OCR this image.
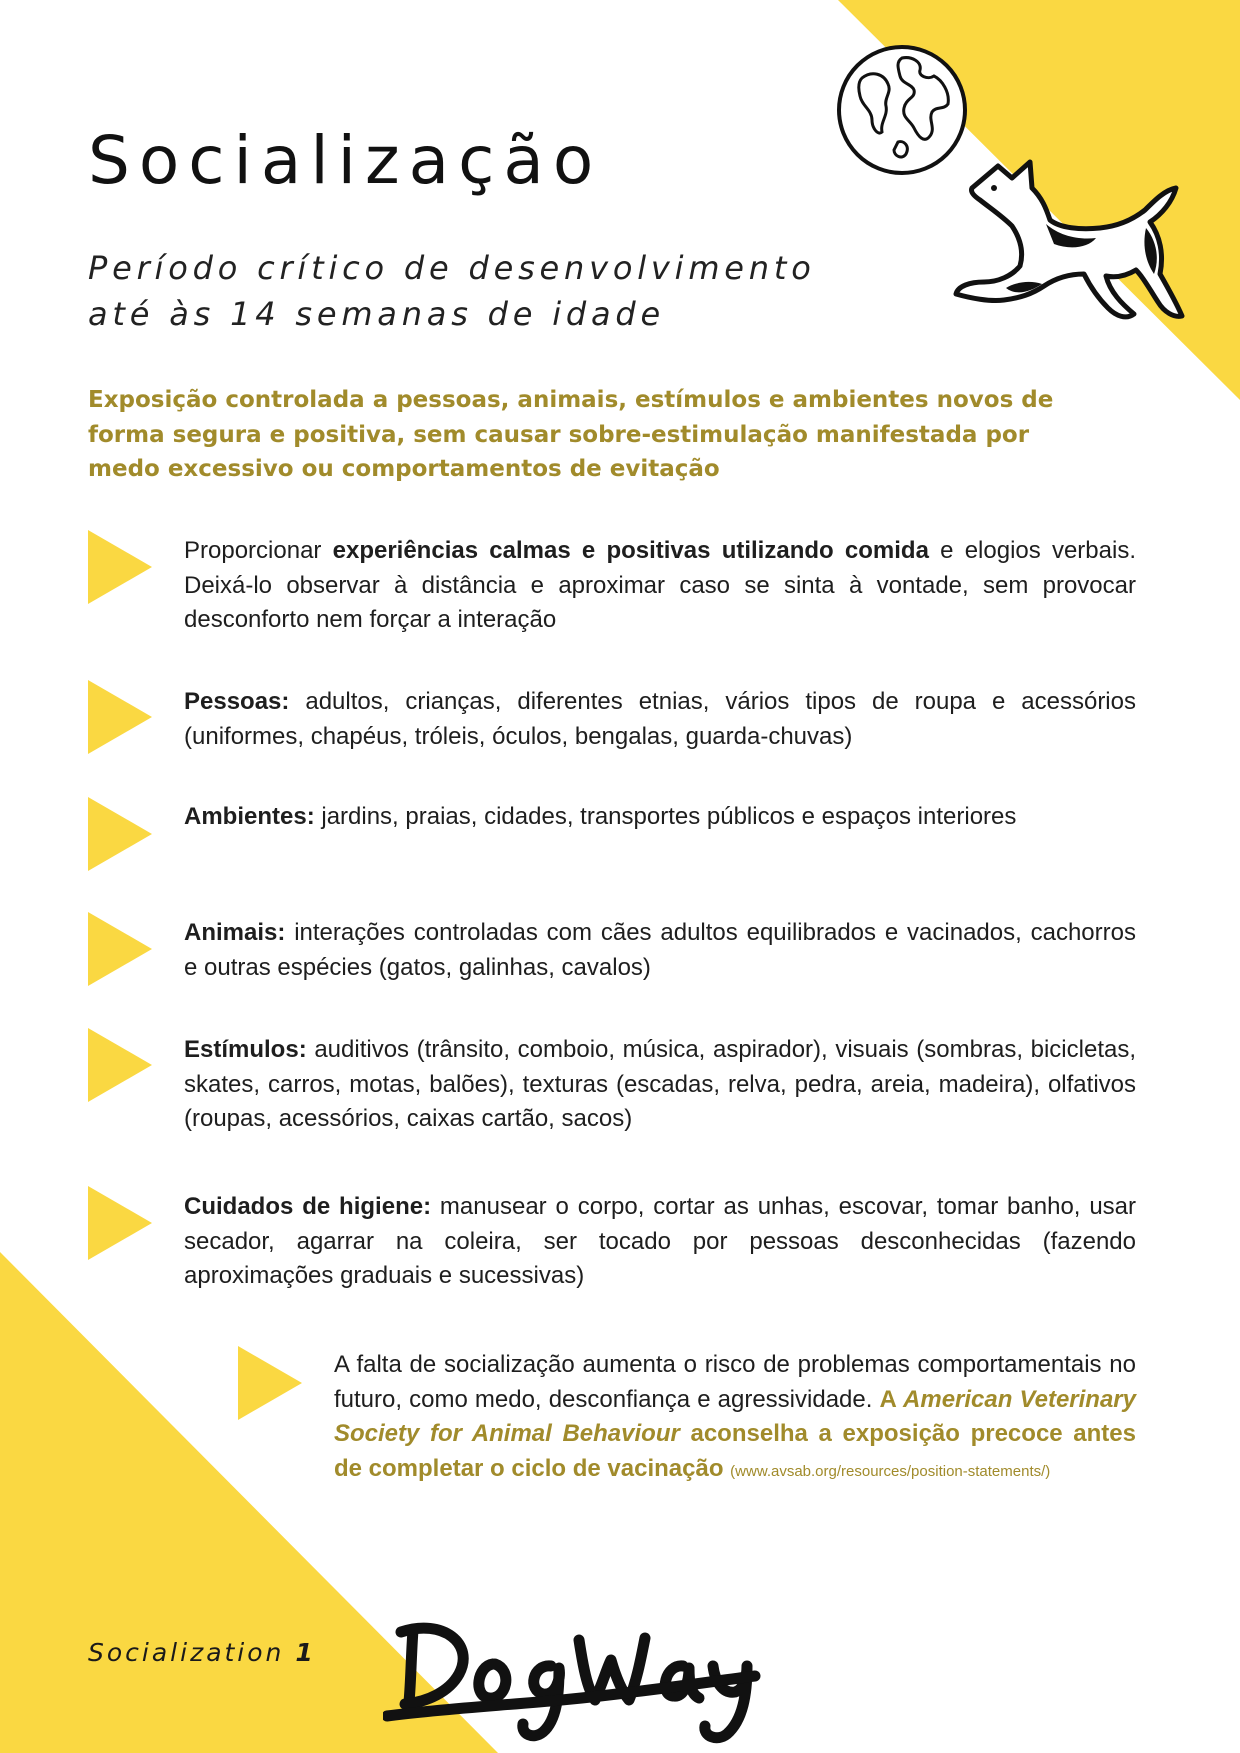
Socialização
Período crítico de desenvolvimento
até às 14 semanas de idade
Exposição controlada a pessoas, animais, estímulos e ambientes novos de
forma segura e positiva, sem causar sobre-estimulação manifestada por
medo excessivo ou comportamentos de evitação
Proporcionar experiências calmas e positivas utilizando comida e elogios verbais. Deixá-lo observar à distância e aproximar caso se sinta à vontade, sem provocar desconforto nem forçar a interação
Pessoas: adultos, crianças, diferentes etnias, vários tipos de roupa e acessórios (uniformes, chapéus, tróleis, óculos, bengalas, guarda-chuvas)
Ambientes: jardins, praias, cidades, transportes públicos e espaços interiores
Animais: interações controladas com cães adultos equilibrados e vacinados, cachorros e outras espécies (gatos, galinhas, cavalos)
Estímulos: auditivos (trânsito, comboio, música, aspirador), visuais (sombras, bicicletas, skates, carros, motas, balões), texturas (escadas, relva, pedra, areia, madeira), olfativos (roupas, acessórios, caixas cartão, sacos)
Cuidados de higiene: manusear o corpo, cortar as unhas, escovar, tomar banho, usar secador, agarrar na coleira, ser tocado por pessoas desconhecidas (fazendo aproximações graduais e sucessivas)
A falta de socialização aumenta o risco de problemas comportamentais no futuro, como medo, desconfiança e agressividade. A American Veterinary Society for Animal Behaviour aconselha a exposição precoce antes de completar o ciclo de vacinação (www.avsab.org/resources/position-statements/)
Socialization 1
